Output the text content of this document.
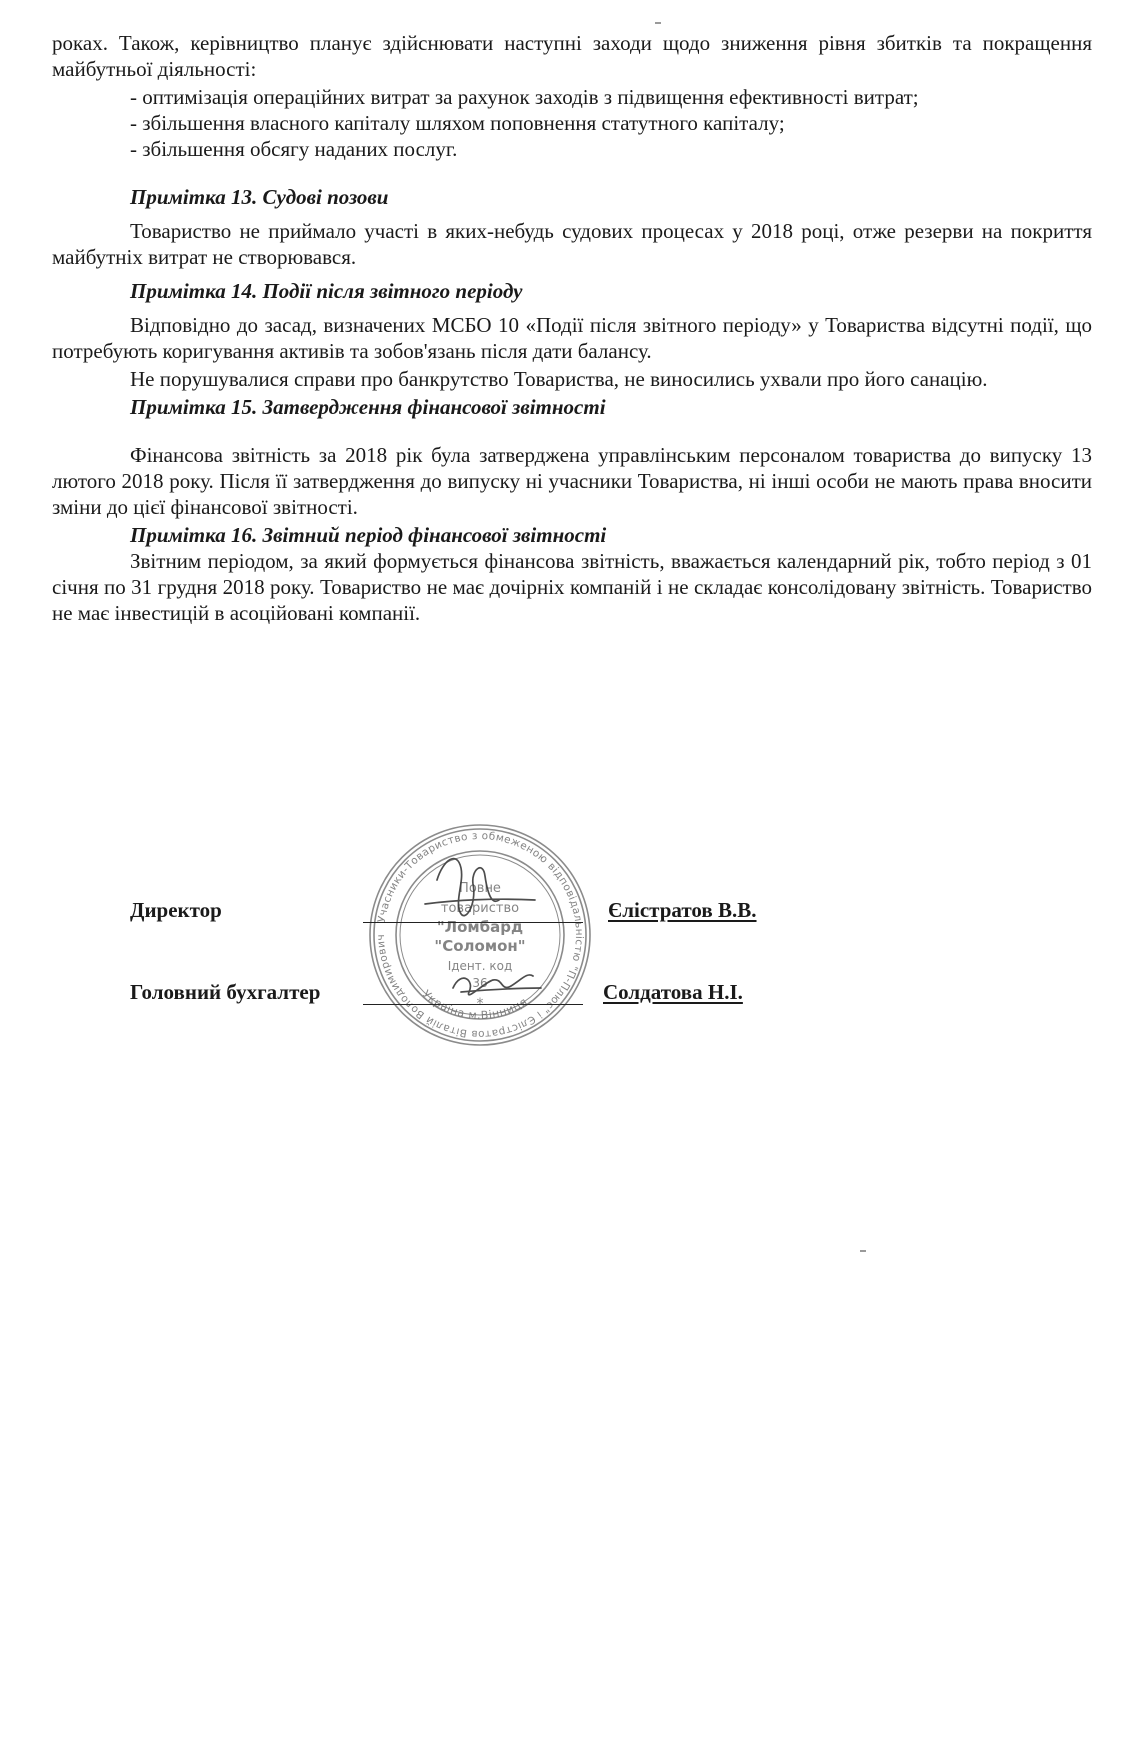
роках. Також, керівництво планує здійснювати наступні заходи щодо зниження рівня збитків та покращення майбутньої діяльності:

- оптимізація операційних витрат за рахунок заходів з підвищення ефективності витрат;

- збільшення власного капіталу шляхом поповнення статутного капіталу;

- збільшення обсягу наданих послуг.

Примітка 13. Судові позови

Товариство не приймало участі в яких-небудь судових процесах у 2018 році, отже резерви на покриття майбутніх витрат не створювався.

Примітка 14. Події після звітного періоду

Відповідно до засад, визначених МСБО 10 «Події після звітного періоду» у Товариства відсутні події, що потребують коригування активів та зобов'язань після дати балансу.

Не порушувалися справи про банкрутство Товариства, не виносились ухвали про його санацію.

Примітка 15. Затвердження фінансової звітності

Фінансова звітність за 2018 рік була затверджена управлінським персоналом товариства до випуску 13 лютого 2018 року. Після її затвердження до випуску ні учасники Товариства, ні інші особи не мають права вносити зміни до цієї фінансової звітності.

Примітка 16. Звітний період фінансової звітності

Звітним періодом, за який формується фінансова звітність, вважається календарний рік, тобто період з 01 січня по 31 грудня 2018 року. Товариство не має дочірніх компаній і не складає консолідовану звітність. Товариство не має інвестицій в асоційовані компанії.

Учасники-Товариство з обмеженою відповідальністю "П-Плюс" і Єлістратов Віталій Володимирович
Україна м.Вінниця
Повне
товариство
"Ломбард
"Соломон"
Ідент. код
36
*
Директор	Єлістратов В.В.
Головний бухгалтер	Солдатова Н.І.
